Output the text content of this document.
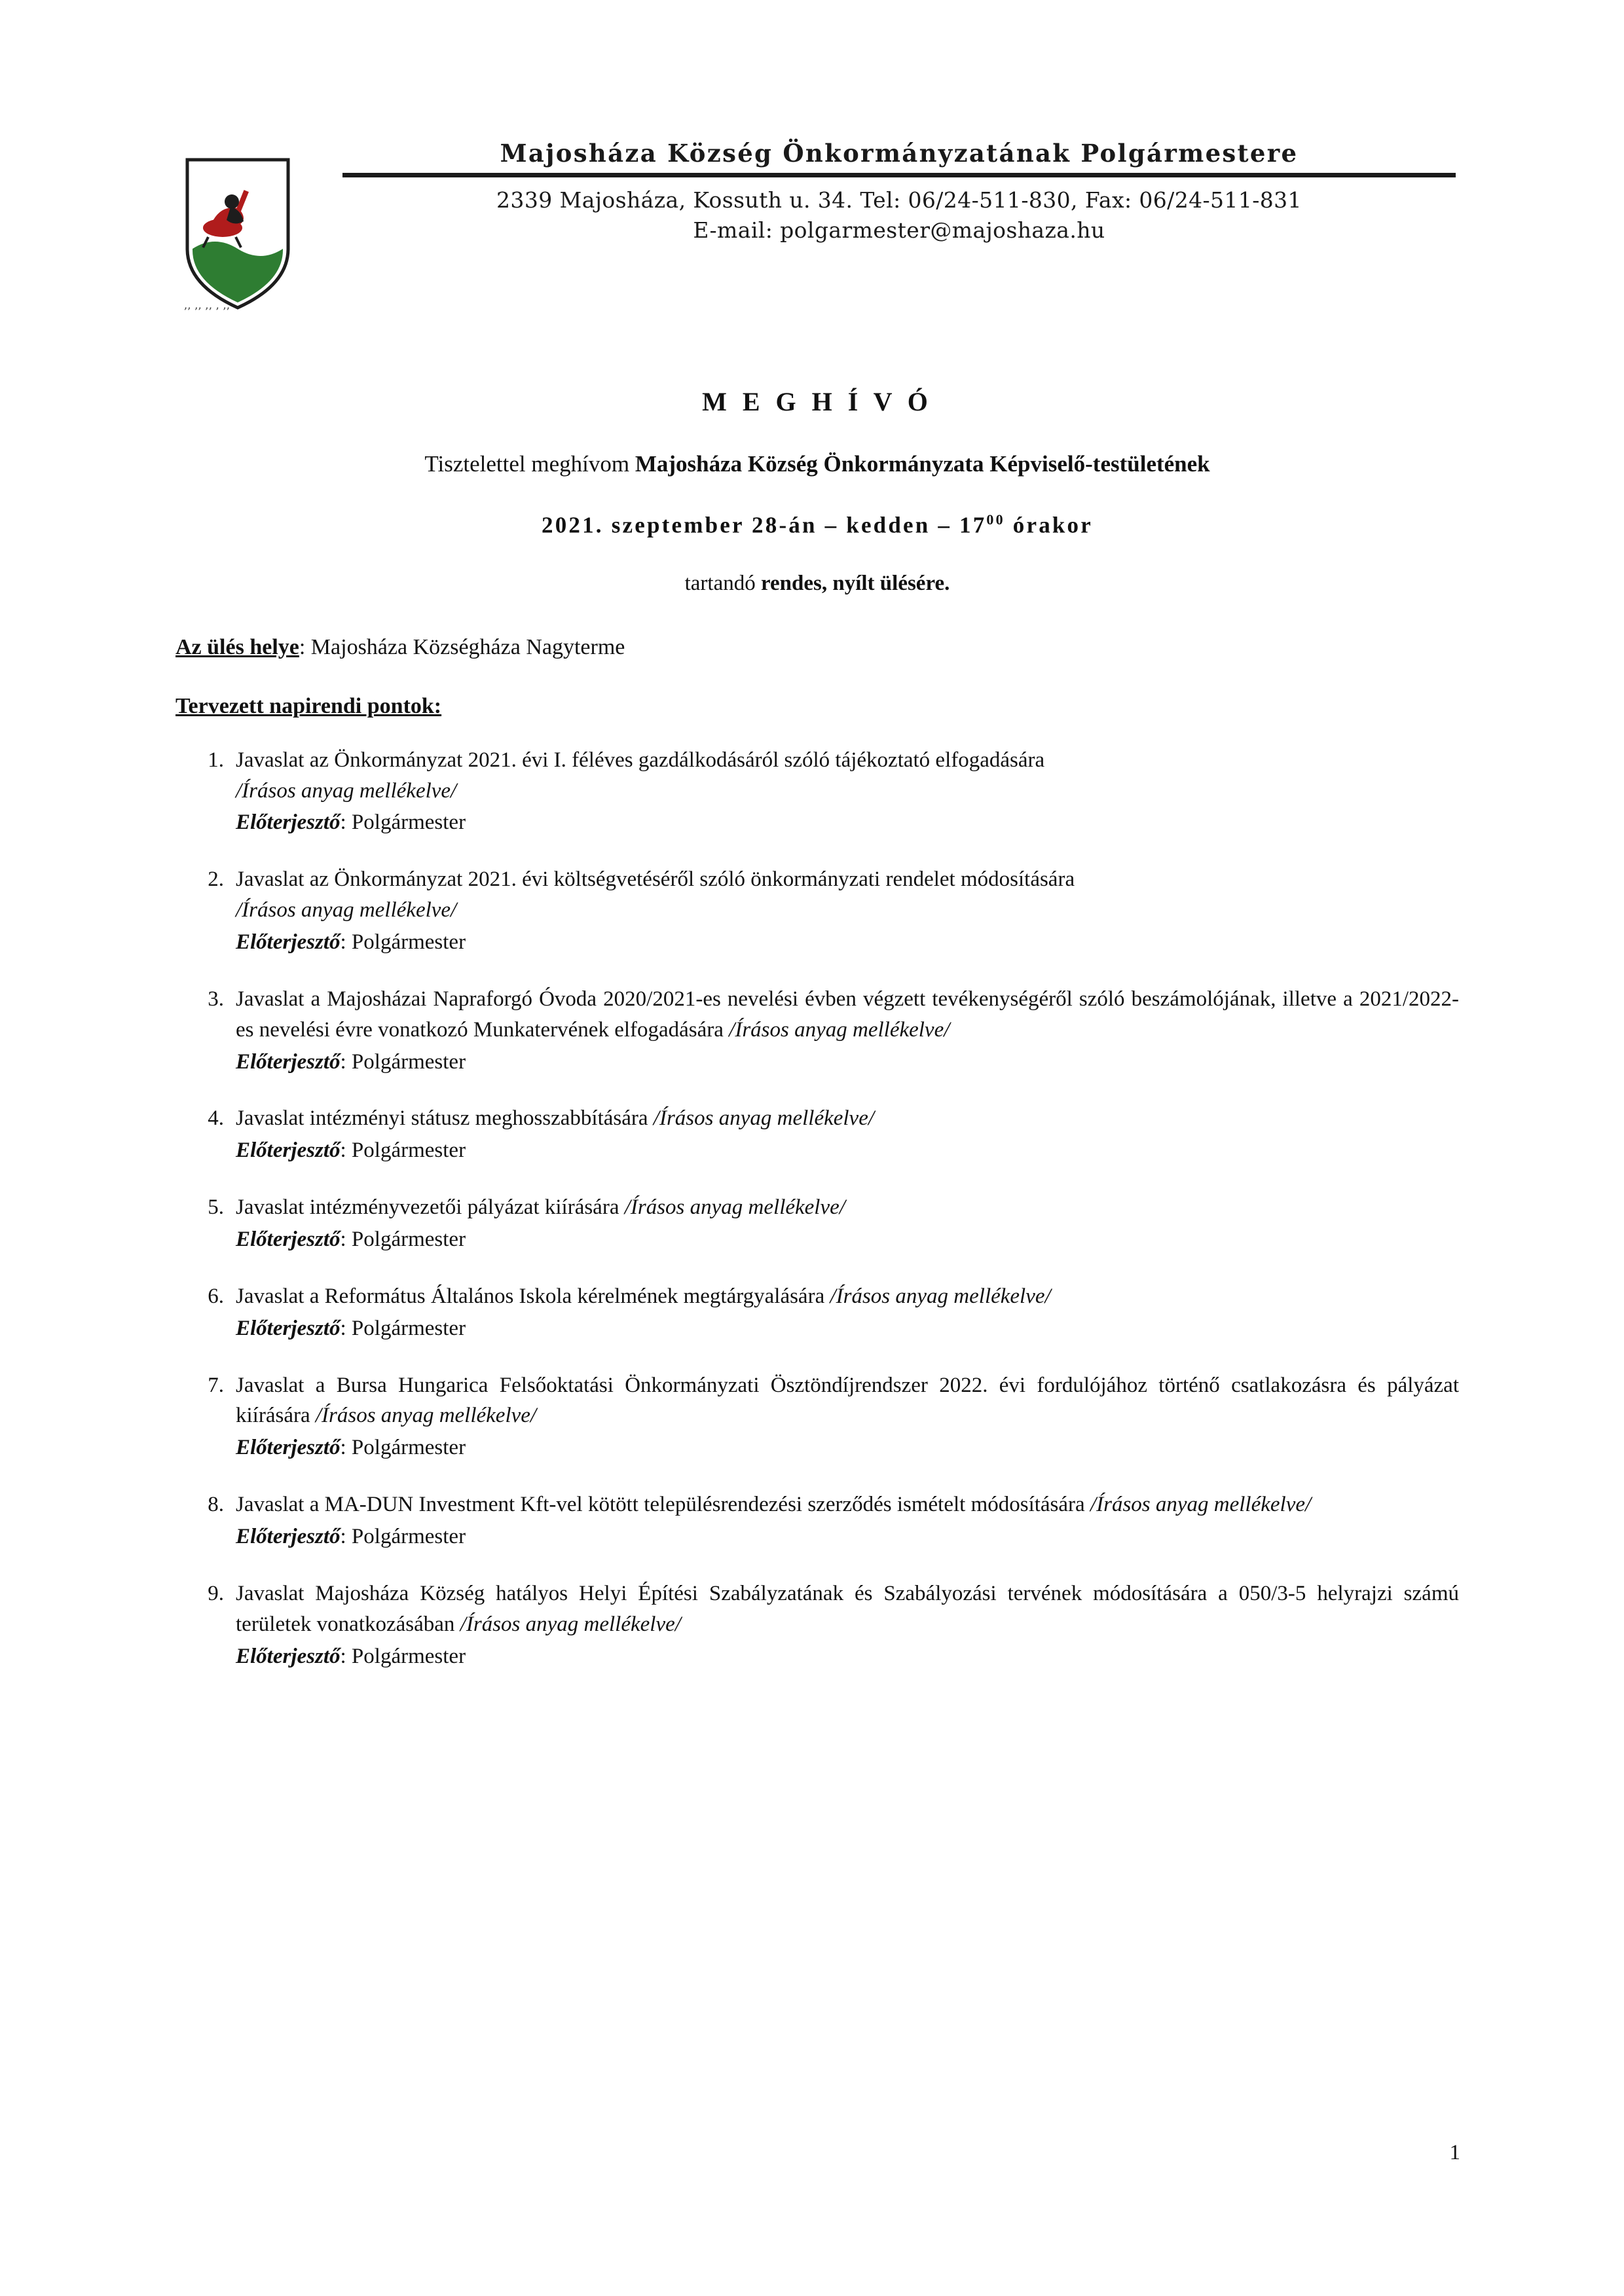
ʼʼ ʼʼ ʼʼ ʼ ʼʼ
Majosháza Község Önkormányzatának Polgármestere
2339 Majosháza, Kossuth u. 34. Tel: 06/24-511-830, Fax: 06/24-511-831
E-mail: polgarmester@majoshaza.hu
M E G H Í V Ó
Tisztelettel meghívom Majosháza Község Önkormányzata Képviselő-testületének
2021. szeptember 28-án – kedden – $17^{00}$ órakor
tartandó rendes, nyílt ülésére.
Az ülés helye: Majosháza Községháza Nagyterme
Tervezett napirendi pontok:
1. Javaslat az Önkormányzat 2021. évi I. féléves gazdálkodásáról szóló tájékoztató elfogadására
/Írásos anyag mellékelve/
Előterjesztő: Polgármester
2. Javaslat az Önkormányzat 2021. évi költségvetéséről szóló önkormányzati rendelet módosítására
/Írásos anyag mellékelve/
Előterjesztő: Polgármester
3. Javaslat a Majosházai Napraforgó Óvoda 2020/2021-es nevelési évben végzett tevékenységéről szóló beszámolójának, illetve a 2021/2022-es nevelési évre vonatkozó Munkatervének elfogadására /Írásos anyag mellékelve/
Előterjesztő: Polgármester
4. Javaslat intézményi státusz meghosszabbítására /Írásos anyag mellékelve/
Előterjesztő: Polgármester
5. Javaslat intézményvezetői pályázat kiírására /Írásos anyag mellékelve/
Előterjesztő: Polgármester
6. Javaslat a Református Általános Iskola kérelmének megtárgyalására /Írásos anyag mellékelve/
Előterjesztő: Polgármester
7. Javaslat a Bursa Hungarica Felsőoktatási Önkormányzati Ösztöndíjrendszer 2022. évi fordulójához történő csatlakozásra és pályázat kiírására /Írásos anyag mellékelve/
Előterjesztő: Polgármester
8. Javaslat a MA-DUN Investment Kft-vel kötött településrendezési szerződés ismételt módosítására /Írásos anyag mellékelve/
Előterjesztő: Polgármester
9. Javaslat Majosháza Község hatályos Helyi Építési Szabályzatának és Szabályozási tervének módosítására a 050/3-5 helyrajzi számú területek vonatkozásában /Írásos anyag mellékelve/
Előterjesztő: Polgármester
1
